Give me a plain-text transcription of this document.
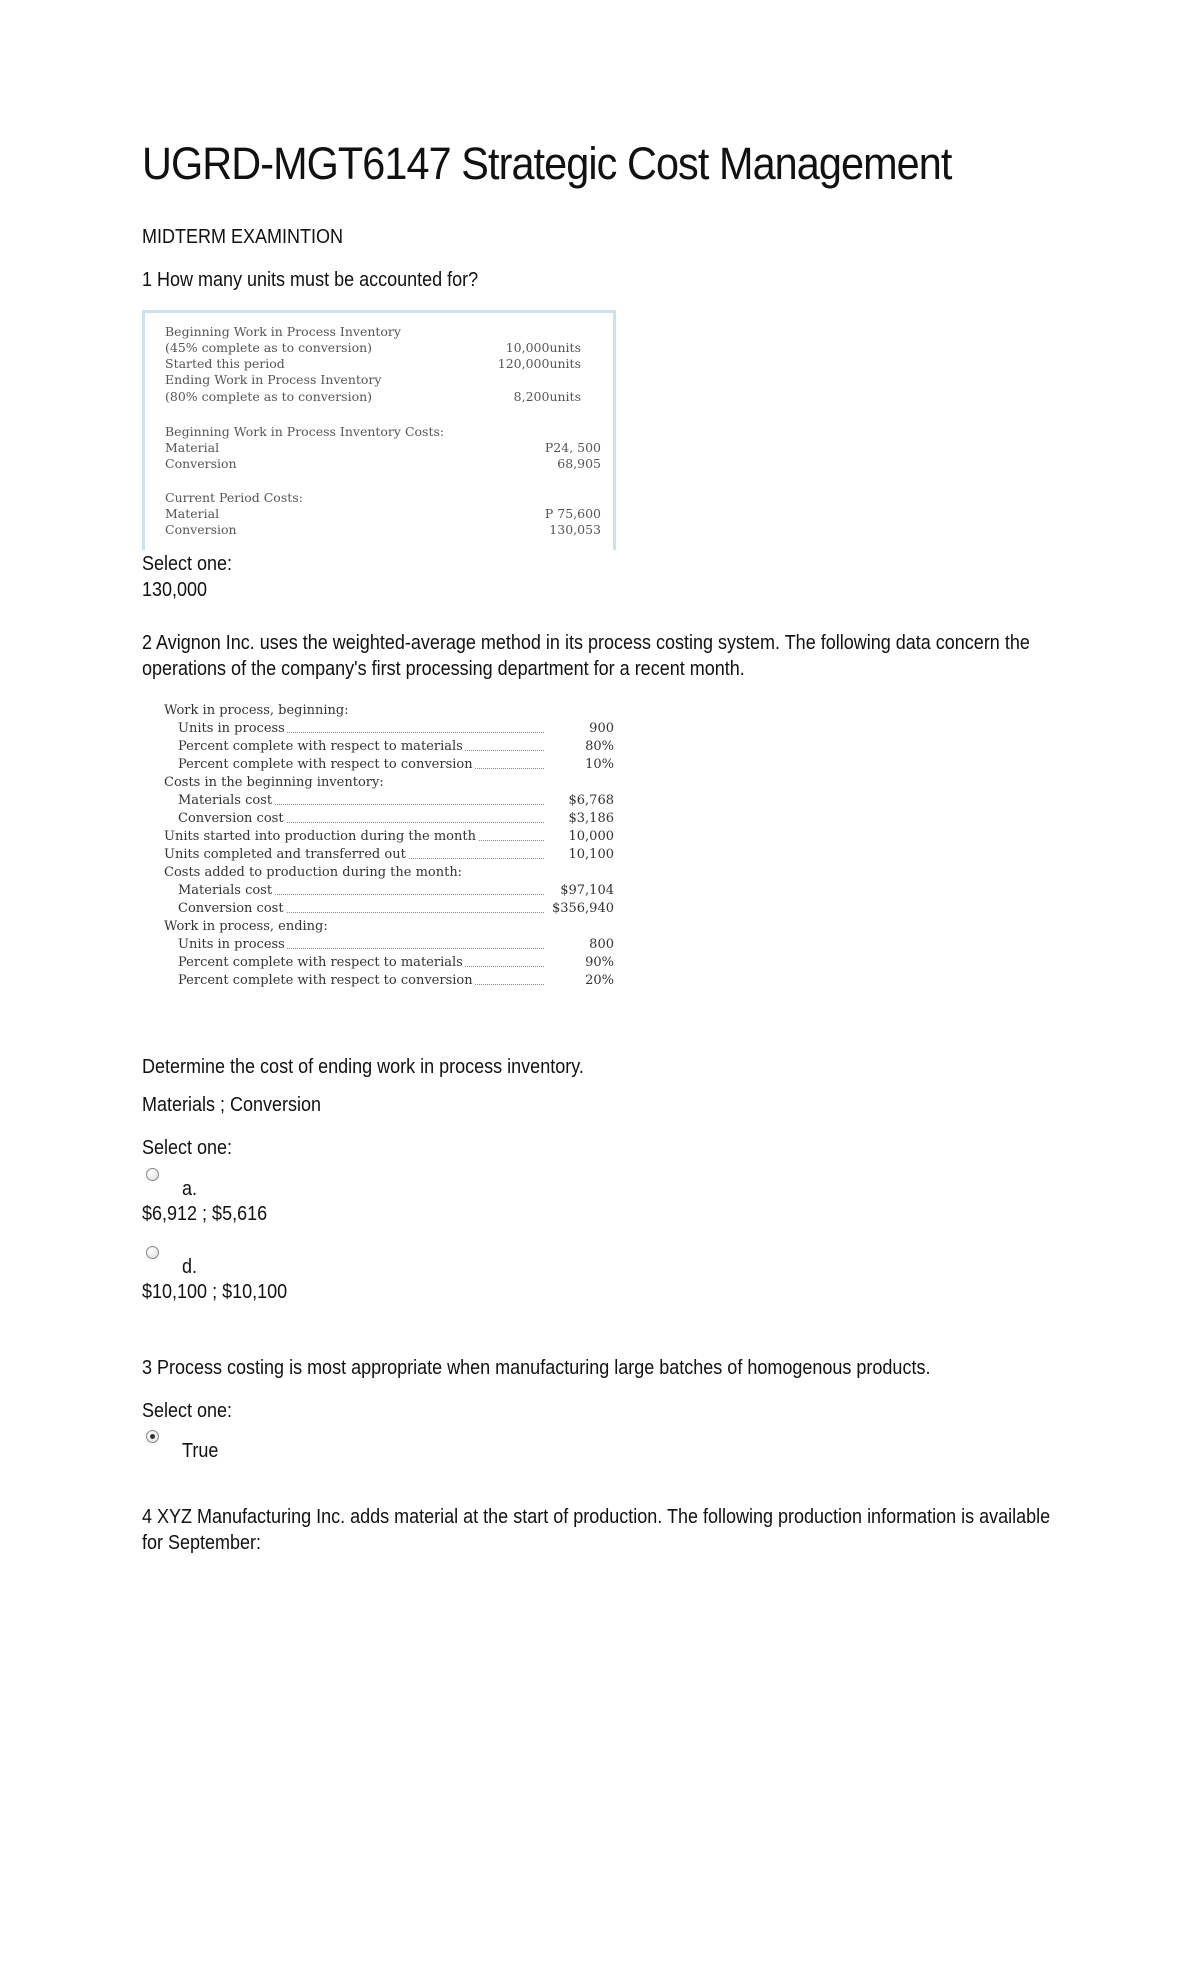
UGRD-MGT6147 Strategic Cost Management
MIDTERM EXAMINTION
1 How many units must be accounted for?
Beginning Work in Process Inventory
(45% complete as to conversion)	10,000units
Started this period	120,000units
Ending Work in Process Inventory
(80% complete as to conversion)	8,200units
Beginning Work in Process Inventory Costs:
Material	P24, 500
Conversion	68,905
Current Period Costs:
Material	P 75,600
Conversion	130,053
Select one:
130,000
2 Avignon Inc. uses the weighted-average method in its process costing system. The following data concern the operations of the company's first processing department for a recent month.
Work in process, beginning:
Units in process	900
Percent complete with respect to materials	80%
Percent complete with respect to conversion	10%
Costs in the beginning inventory:
Materials cost	$6,768
Conversion cost	$3,186
Units started into production during the month	10,000
Units completed and transferred out	10,100
Costs added to production during the month:
Materials cost	$97,104
Conversion cost	$356,940
Work in process, ending:
Units in process	800
Percent complete with respect to materials	90%
Percent complete with respect to conversion	20%
Determine the cost of ending work in process inventory.
Materials ; Conversion
Select one:
a.
$6,912 ; $5,616
d.
$10,100 ; $10,100
3 Process costing is most appropriate when manufacturing large batches of homogenous products.
Select one:
True
4 XYZ Manufacturing Inc. adds material at the start of production. The following production information is available for September:
